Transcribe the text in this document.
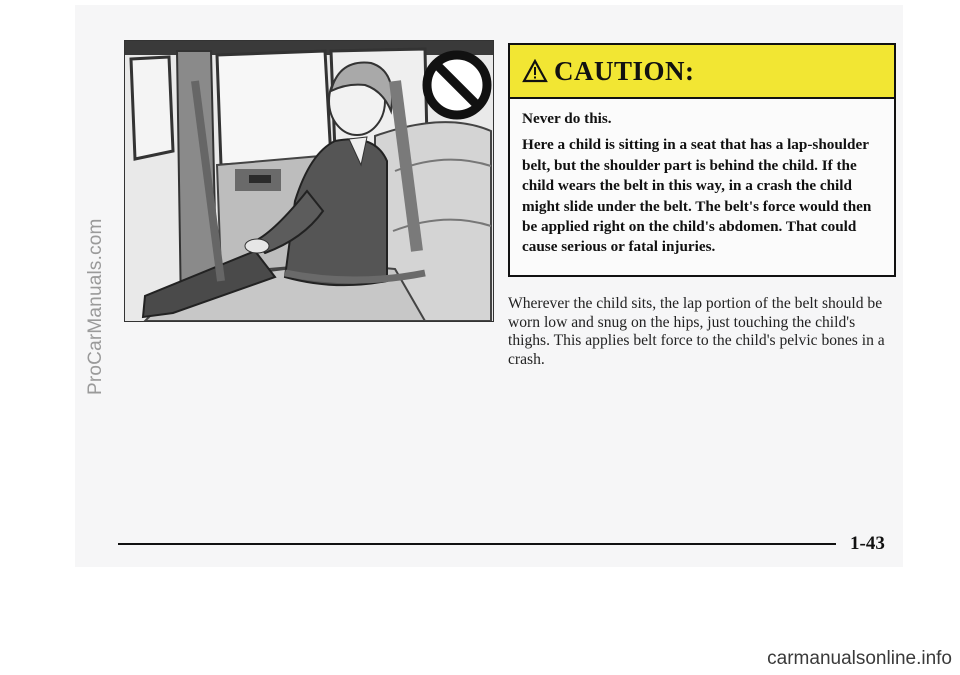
ProCarManuals.com
CAUTION:

Never do this.

Here a child is sitting in a seat that has a lap-shoulder belt, but the shoulder part is behind the child. If the child wears the belt in this way, in a crash the child might slide under the belt. The belt's force would then be applied right on the child's abdomen. That could cause serious or fatal injuries.

Wherever the child sits, the lap portion of the belt should be worn low and snug on the hips, just touching the child's thighs. This applies belt force to the child's pelvic bones in a crash.
1-43
carmanualsonline.info
